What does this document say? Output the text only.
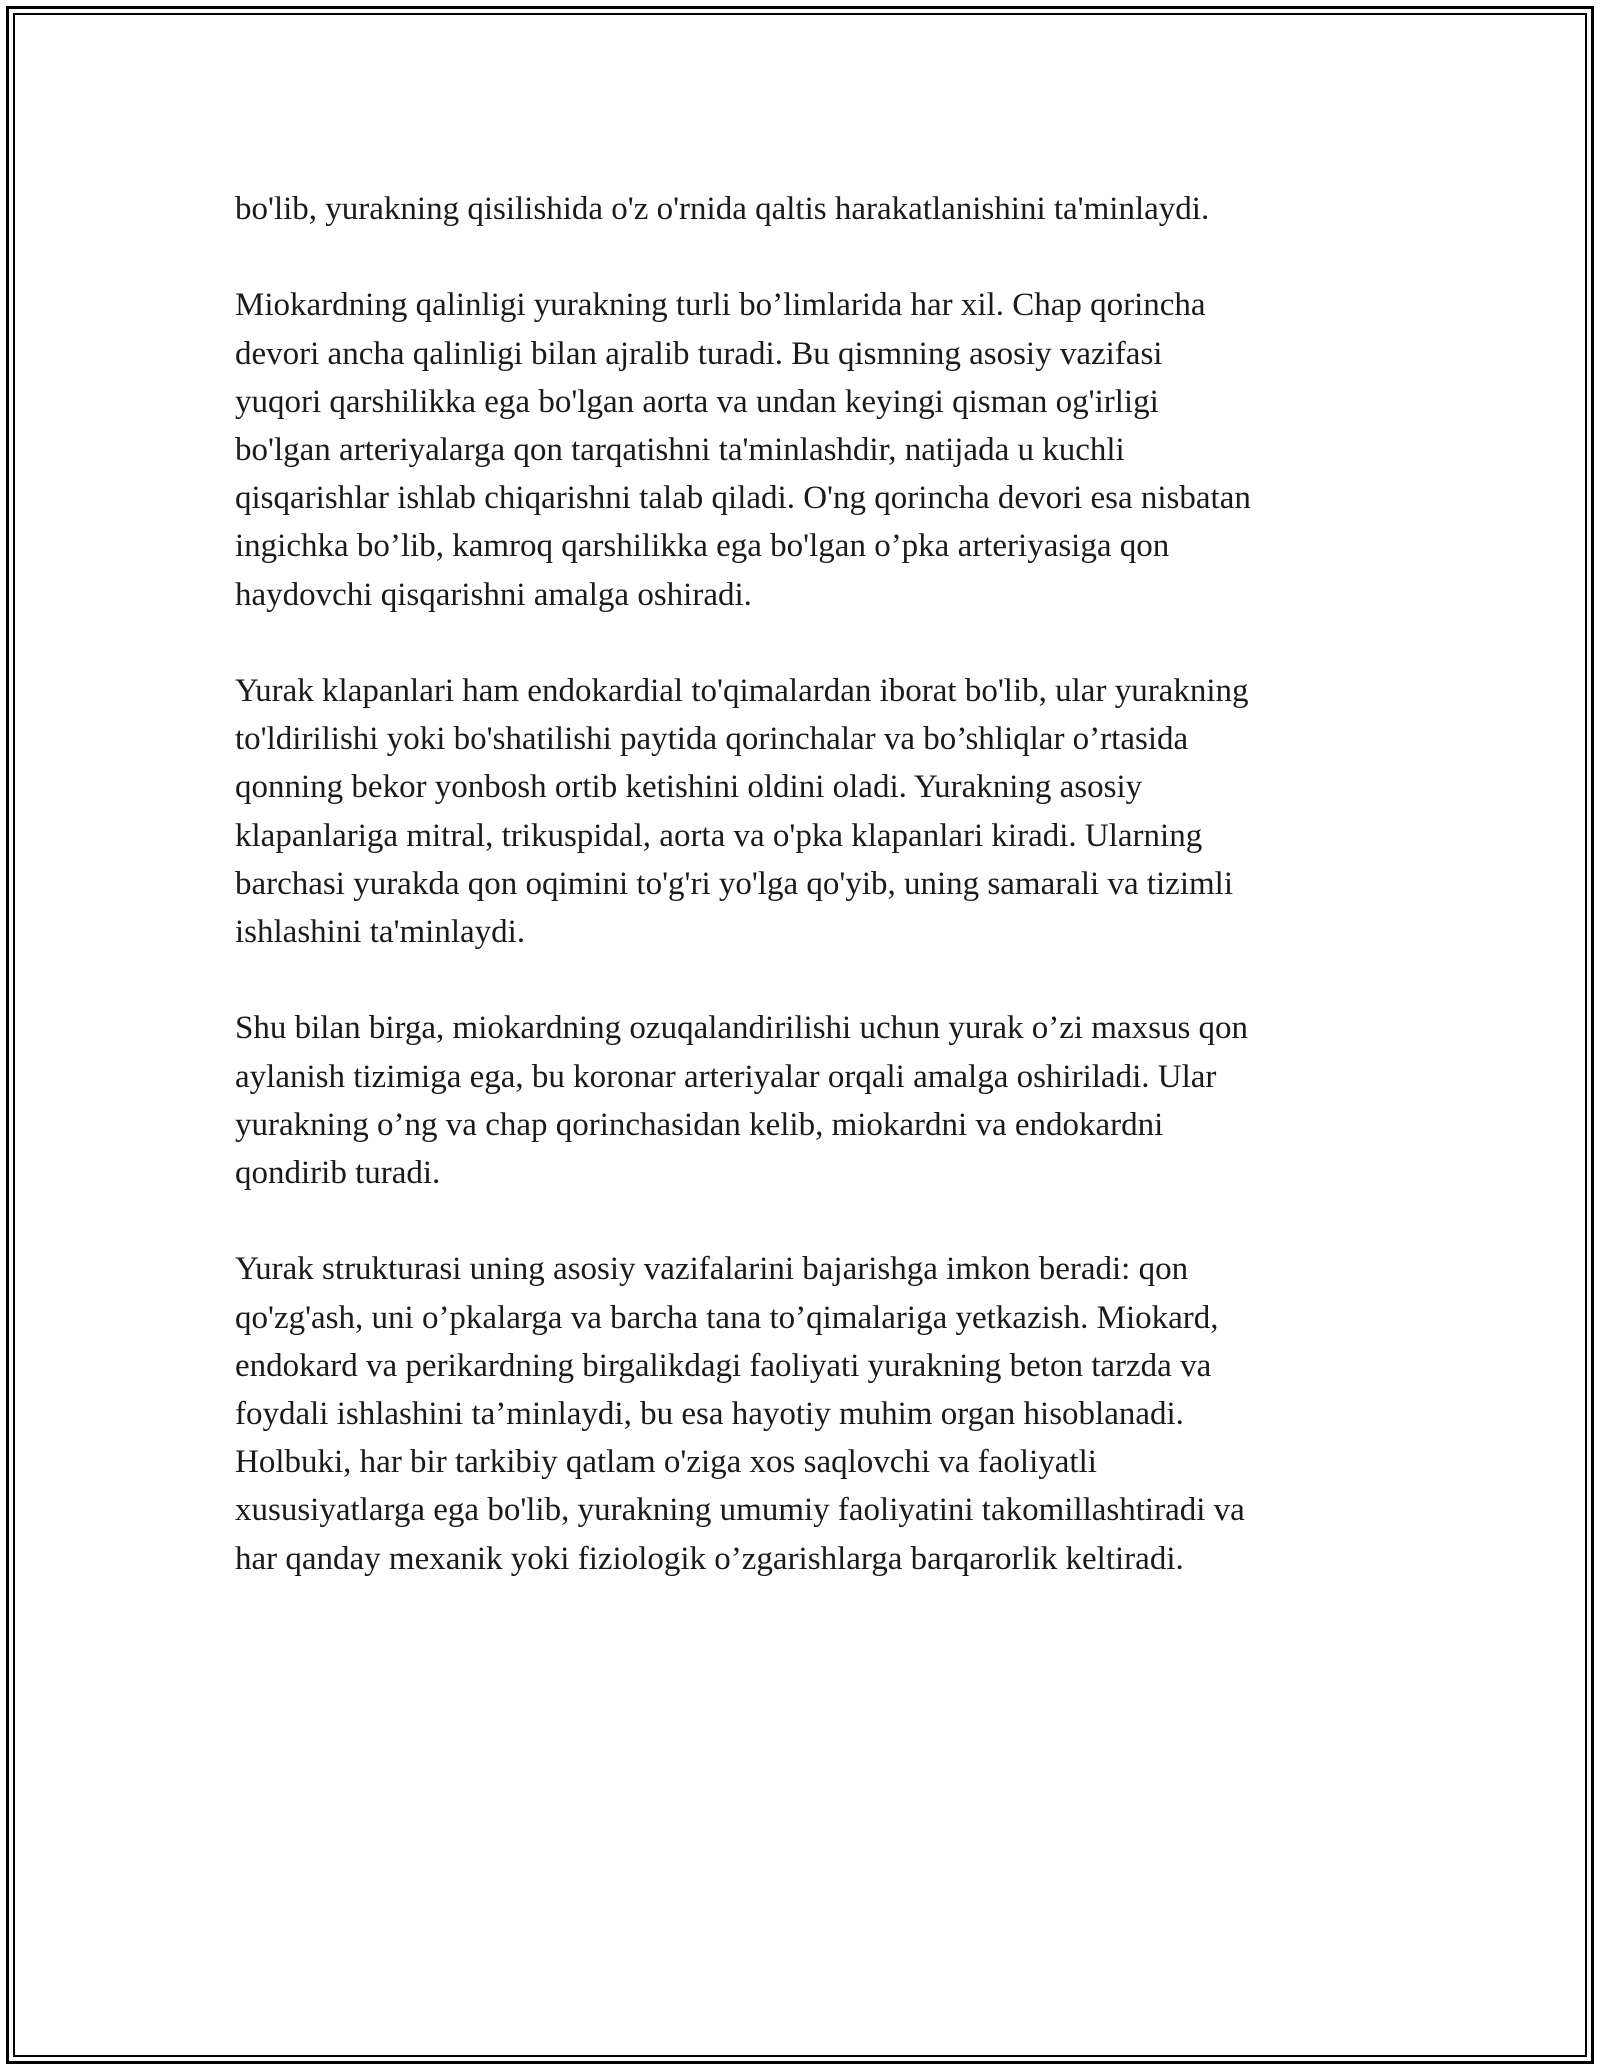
bo'lib, yurakning qisilishida o'z o'rnida qaltis harakatlanishini ta'minlaydi.

Miokardning qalinligi yurakning turli bo’limlarida har xil. Chap qorincha
devori ancha qalinligi bilan ajralib turadi. Bu qismning asosiy vazifasi
yuqori qarshilikka ega bo'lgan aorta va undan keyingi qisman og'irligi
bo'lgan arteriyalarga qon tarqatishni ta'minlashdir, natijada u kuchli
qisqarishlar ishlab chiqarishni talab qiladi. O'ng qorincha devori esa nisbatan
ingichka bo’lib, kamroq qarshilikka ega bo'lgan o’pka arteriyasiga qon
haydovchi qisqarishni amalga oshiradi.

Yurak klapanlari ham endokardial to'qimalardan iborat bo'lib, ular yurakning
to'ldirilishi yoki bo'shatilishi paytida qorinchalar va bo’shliqlar o’rtasida
qonning bekor yonbosh ortib ketishini oldini oladi. Yurakning asosiy
klapanlariga mitral, trikuspidal, aorta va o'pka klapanlari kiradi. Ularning
barchasi yurakda qon oqimini to'g'ri yo'lga qo'yib, uning samarali va tizimli
ishlashini ta'minlaydi.

Shu bilan birga, miokardning ozuqalandirilishi uchun yurak o’zi maxsus qon
aylanish tizimiga ega, bu koronar arteriyalar orqali amalga oshiriladi. Ular
yurakning o’ng va chap qorinchasidan kelib, miokardni va endokardni
qondirib turadi.

Yurak strukturasi uning asosiy vazifalarini bajarishga imkon beradi: qon
qo'zg'ash, uni o’pkalarga va barcha tana to’qimalariga yetkazish. Miokard,
endokard va perikardning birgalikdagi faoliyati yurakning beton tarzda va
foydali ishlashini ta’minlaydi, bu esa hayotiy muhim organ hisoblanadi.
Holbuki, har bir tarkibiy qatlam o'ziga xos saqlovchi va faoliyatli
xususiyatlarga ega bo'lib, yurakning umumiy faoliyatini takomillashtiradi va
har qanday mexanik yoki fiziologik o’zgarishlarga barqarorlik keltiradi.
